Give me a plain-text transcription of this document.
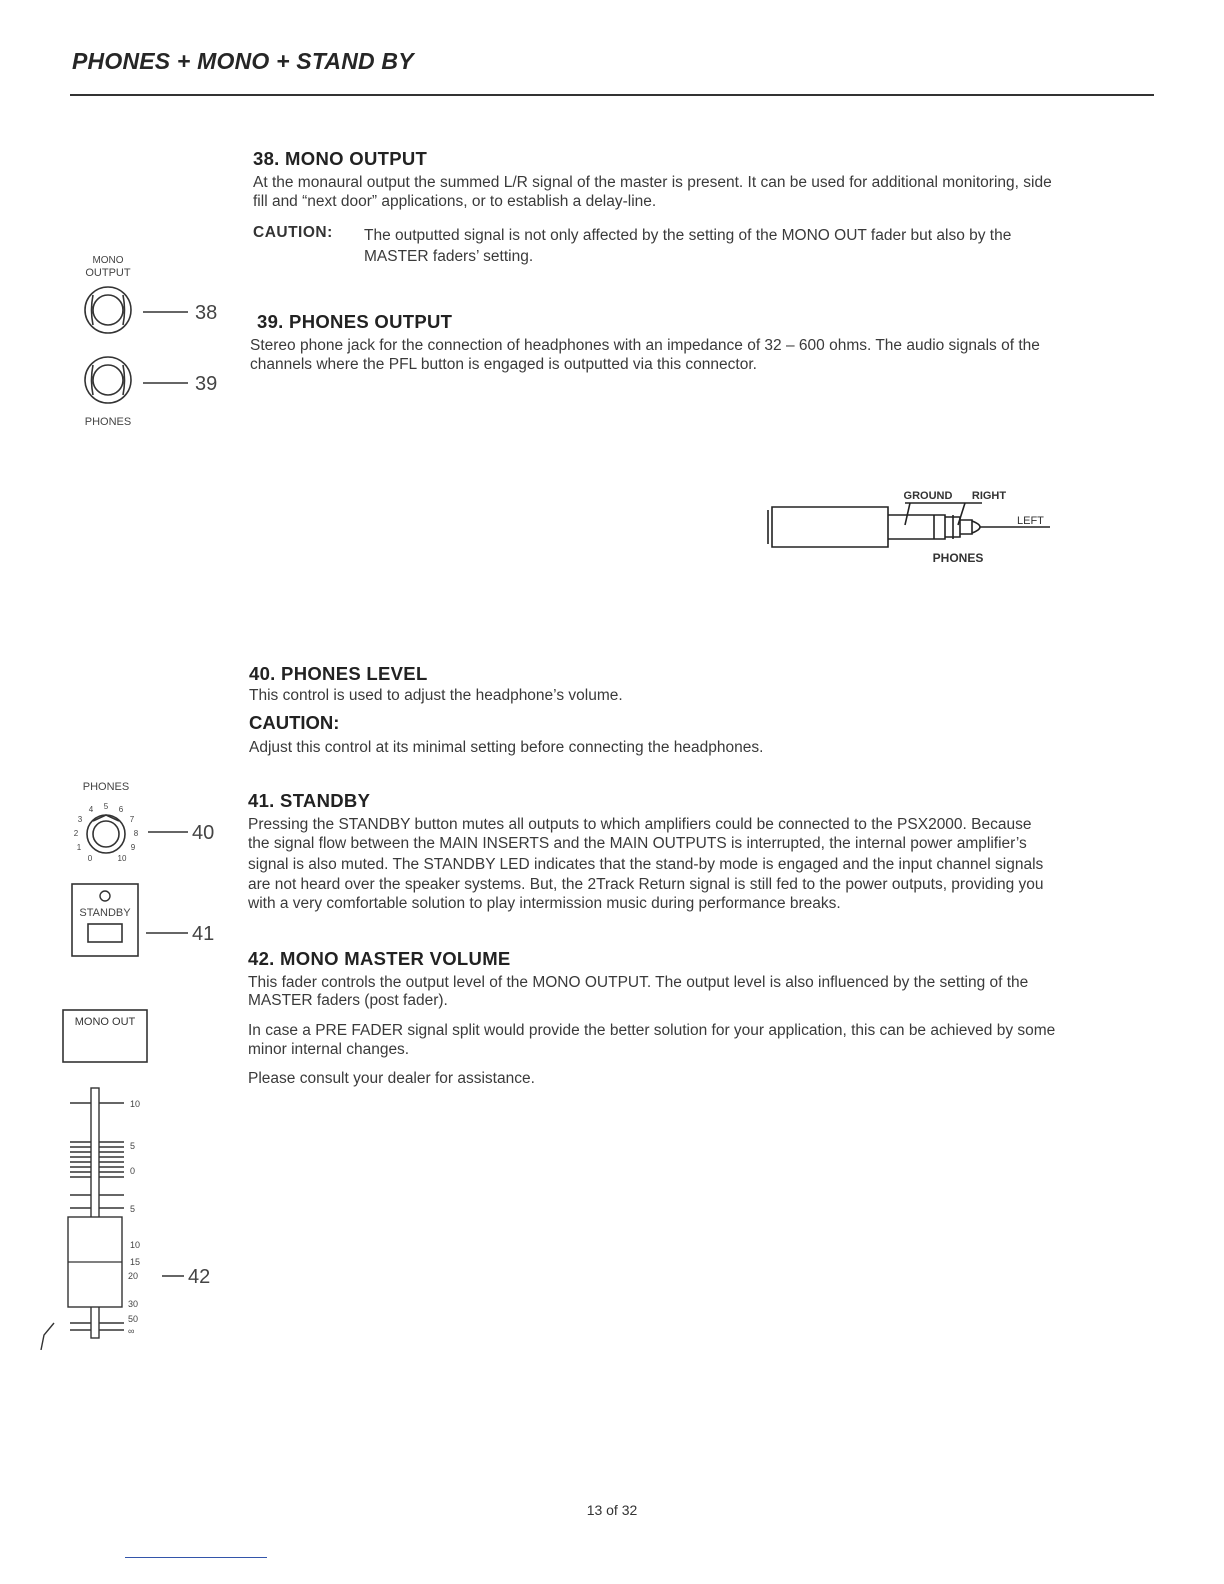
PHONES + MONO + STAND BY
38. MONO OUTPUT

At the monaural output the summed L/R signal of the master is present. It can be used for additional monitoring, side

fill and “next door” applications, or to establish a delay-line.

CAUTION: The outputted signal is not only affected by the setting of the MONO OUT fader but also by the

MASTER faders’ setting.

39. PHONES OUTPUT

Stereo phone jack for the connection of headphones with an impedance of 32 – 600 ohms. The audio signals of the

channels where the PFL button is engaged is outputted via this connector.

40. PHONES LEVEL

This control is used to adjust the headphone’s volume.

CAUTION:

Adjust this control at its minimal setting before connecting the headphones.

41. STANDBY

Pressing the STANDBY button mutes all outputs to which amplifiers could be connected to the PSX2000. Because

the signal flow between the MAIN INSERTS and the MAIN OUTPUTS is interrupted, the internal power amplifier’s

signal is also muted. The STANDBY LED indicates that the stand-by mode is engaged and the input channel signals

are not heard over the speaker systems. But, the 2Track Return signal is still fed to the power outputs, providing you

with a very comfortable solution to play intermission music during performance breaks.

42. MONO MASTER VOLUME

This fader controls the output level of the MONO OUTPUT. The output level is also influenced by the setting of the

MASTER faders (post fader).

In case a PRE FADER signal split would provide the better solution for your application, this can be achieved by some

minor internal changes.

Please consult your dealer for assistance.

MONO
OUTPUT
38
39
PHONES
GROUND RIGHT
LEFT
PHONES
PHONES
0
1
2
3
4 5 6
7
8
9
10
40
STANDBY
41
MONO OUT
10
5
0
5
10
15
20
30
50
∞
42
13 of 32
